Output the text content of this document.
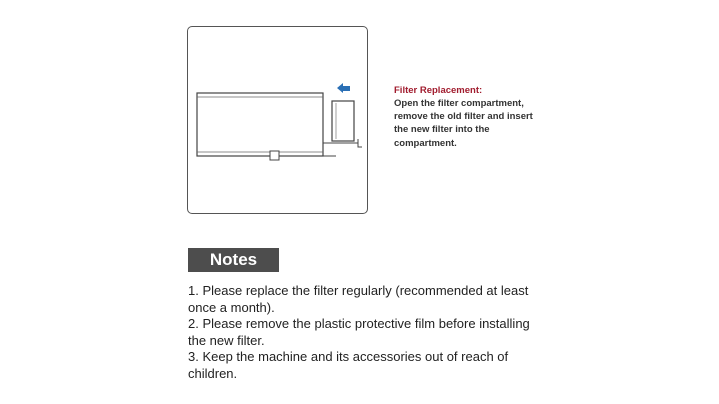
Filter Replacement:
Open the filter compartment,
remove the old filter and insert
the new filter into the
compartment.
Notes
1. Please replace the filter regularly (recommended at least
once a month).
2. Please remove the plastic protective film before installing
the new filter.
3. Keep the machine and its accessories out of reach of
children.
